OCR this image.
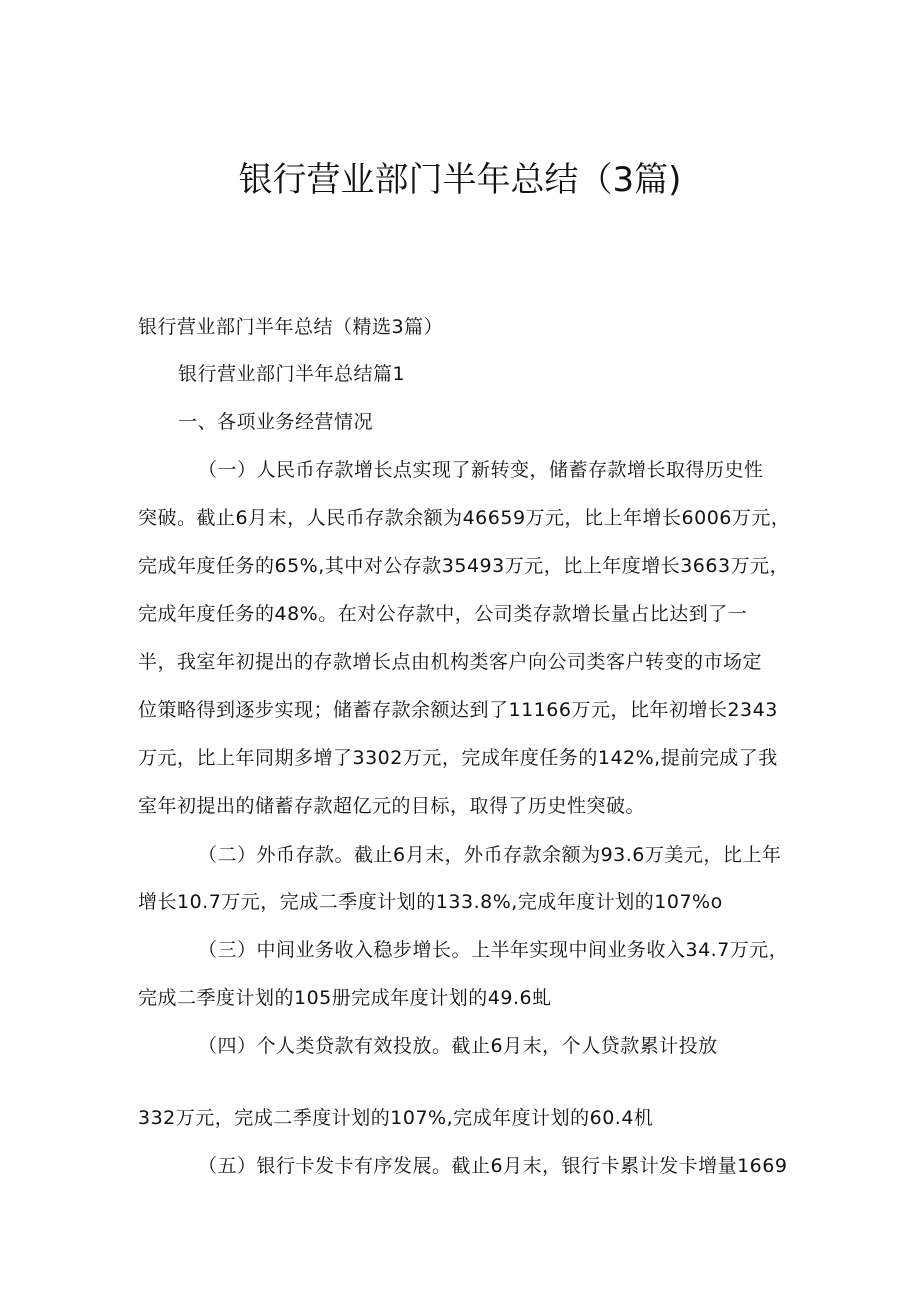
银行营业部门半年总结（3篇)
银行营业部门半年总结（精选3篇）
银行营业部门半年总结篇1
一、各项业务经营情况
（一）人民币存款增长点实现了新转变，储蓄存款增长取得历史性
突破。截止6月末，人民币存款余额为46659万元，比上年增长6006万元，
完成年度任务的65%,其中对公存款35493万元，比上年度增长3663万元，
完成年度任务的48%。在对公存款中，公司类存款增长量占比达到了一
半，我室年初提出的存款增长点由机构类客户向公司类客户转变的市场定
位策略得到逐步实现；储蓄存款余额达到了11166万元，比年初增长2343
万元，比上年同期多增了3302万元，完成年度任务的142%,提前完成了我
室年初提出的储蓄存款超亿元的目标，取得了历史性突破。
（二）外币存款。截止6月末，外币存款余额为93.6万美元，比上年
增长10.7万元，完成二季度计划的133.8%,完成年度计划的107%o
（三）中间业务收入稳步增长。上半年实现中间业务收入34.7万元，
完成二季度计划的105册完成年度计划的49.6虬
（四）个人类贷款有效投放。截止6月末，个人贷款累计投放
332万元，完成二季度计划的107%,完成年度计划的60.4机
（五）银行卡发卡有序发展。截止6月末，银行卡累计发卡增量1669
